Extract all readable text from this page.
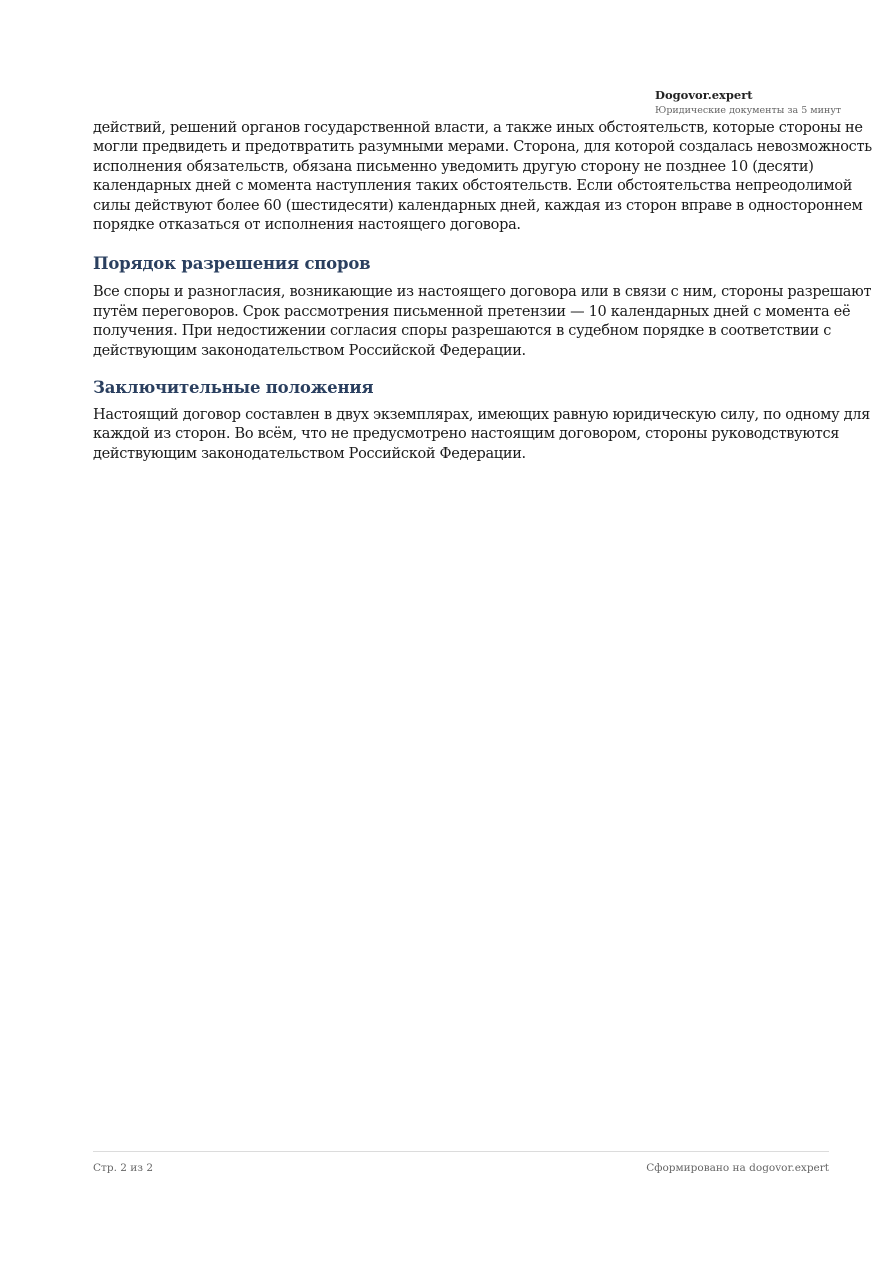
Dogovor.expert
Юридические документы за 5 минут

действий, решений органов государственной власти, а также иных обстоятельств, которые стороны не могли предвидеть и предотвратить разумными мерами. Сторона, для которой создалась невозможность исполнения обязательств, обязана письменно уведомить другую сторону не позднее 10 (десяти) календарных дней с момента наступления таких обстоятельств. Если обстоятельства непреодолимой силы действуют более 60 (шестидесяти) календарных дней, каждая из сторон вправе в одностороннем порядке отказаться от исполнения настоящего договора.

Порядок разрешения споров

Все споры и разногласия, возникающие из настоящего договора или в связи с ним, стороны разрешают путём переговоров. Срок рассмотрения письменной претензии — 10 календарных дней с момента её получения. При недостижении согласия споры разрешаются в судебном порядке в соответствии с действующим законодательством Российской Федерации.

Заключительные положения

Настоящий договор составлен в двух экземплярах, имеющих равную юридическую силу, по одному для каждой из сторон. Во всём, что не предусмотрено настоящим договором, стороны руководствуются действующим законодательством Российской Федерации.

Стр. 2 из 2	Сформировано на dogovor.expert
